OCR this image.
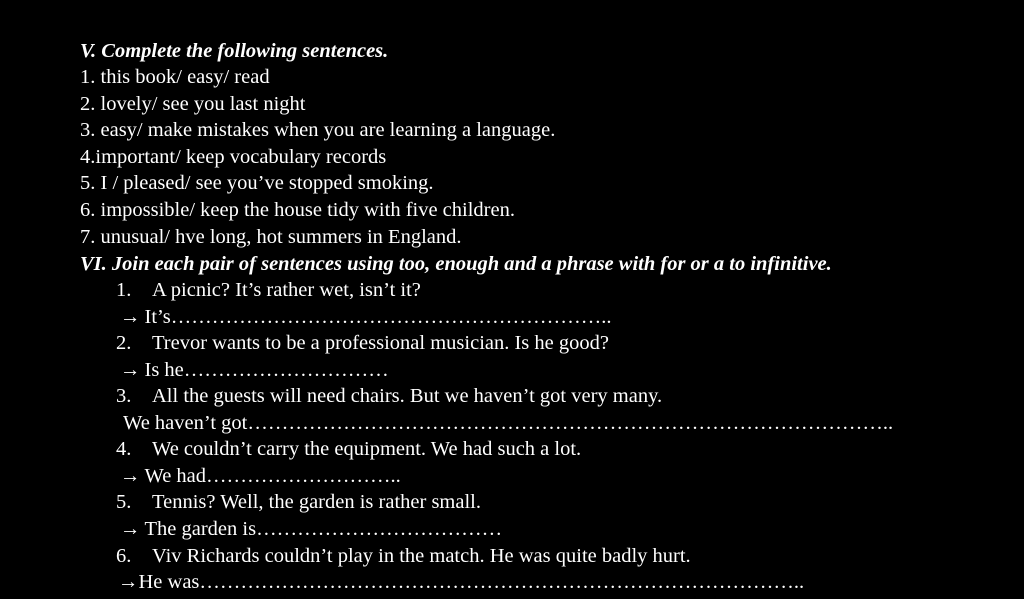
V. Complete the following sentences.
1. this book/ easy/ read
2. lovely/ see you last night
3. easy/ make mistakes when you are learning a language.
4.important/ keep vocabulary records
5. I / pleased/ see you’ve stopped smoking.
6. impossible/ keep the house tidy with five children.
7. unusual/ hve long, hot summers in England.
VI. Join each pair of sentences using too, enough and a phrase with for or a to infinitive.
1. A picnic? It’s rather wet, isn’t it?
→ It’s………………………………………………………..
2. Trevor wants to be a professional musician. Is he good?
→ Is he…………………………
3. All the guests will need chairs. But we haven’t got very many.
We haven’t got…………………………………………………………………………………..
4. We couldn’t carry the equipment. We had such a lot.
→ We had………………………..
5. Tennis? Well, the garden is rather small.
→ The garden is………………………………
6. Viv Richards couldn’t play in the match. He was quite badly hurt.
→He was……………………………………………………………………………..
